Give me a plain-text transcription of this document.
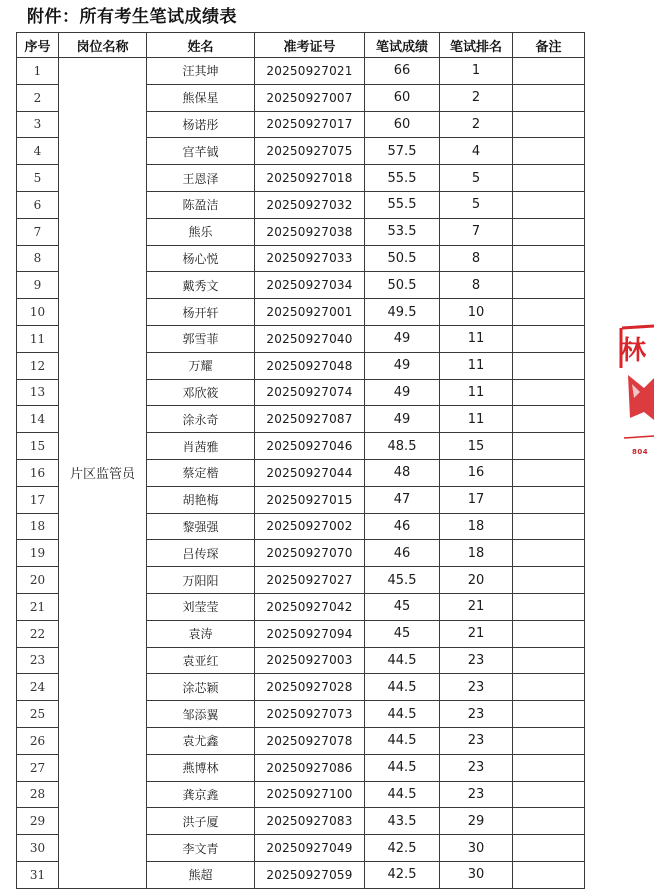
附件：所有考生笔试成绩表
序号	岗位名称	姓名	准考证号	笔试成绩	笔试排名	备注
1	片区监管员	汪其坤	20250927021	66	1	
2		熊保星	20250927007	60	2	
3		杨诺彤	20250927017	60	2	
4		宫芊钺	20250927075	57.5	4	
5		王恩泽	20250927018	55.5	5	
6		陈盈洁	20250927032	55.5	5	
7		熊乐	20250927038	53.5	7	
8		杨心悦	20250927033	50.5	8	
9		戴秀文	20250927034	50.5	8	
10		杨开轩	20250927001	49.5	10	
11		郭雪菲	20250927040	49	11	
12		万耀	20250927048	49	11	
13		邓欣筱	20250927074	49	11	
14		涂永奇	20250927087	49	11	
15		肖茜雅	20250927046	48.5	15	
16		蔡定楷	20250927044	48	16	
17		胡艳梅	20250927015	47	17	
18		黎强强	20250927002	46	18	
19		吕传琛	20250927070	46	18	
20		万阳阳	20250927027	45.5	20	
21		刘莹莹	20250927042	45	21	
22		袁涛	20250927094	45	21	
23		袁亚红	20250927003	44.5	23	
24		涂芯颖	20250927028	44.5	23	
25		邹添翼	20250927073	44.5	23	
26		袁尤鑫	20250927078	44.5	23	
27		燕博林	20250927086	44.5	23	
28		龚京錱	20250927100	44.5	23	
29		洪子厦	20250927083	43.5	29	
30		李文青	20250927049	42.5	30	
31		熊超	20250927059	42.5	30	
林
804
